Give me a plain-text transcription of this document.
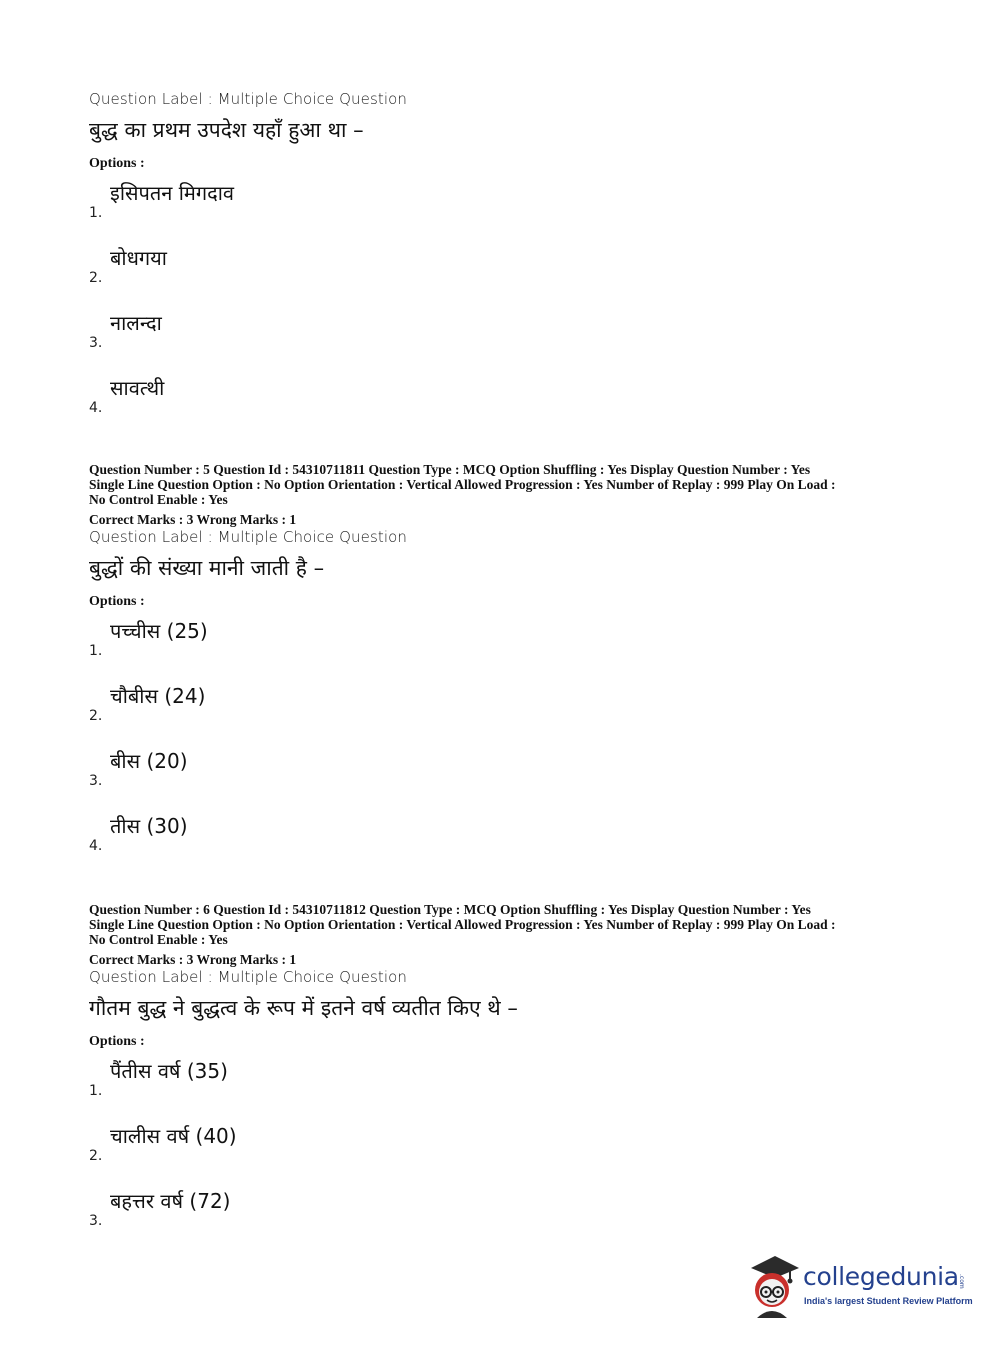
Question Label : Multiple Choice Question
बुद्ध का प्रथम उपदेश यहाँ हुआ था –
Options :
इसिपतन मिगदाव
1.
बोधगया
2.
नालन्दा
3.
सावत्थी
4.
Question Number : 5 Question Id : 54310711811 Question Type : MCQ Option Shuffling : Yes Display Question Number : Yes
Single Line Question Option : No Option Orientation : Vertical Allowed Progression : Yes Number of Replay : 999 Play On Load :
No Control Enable : Yes
Correct Marks : 3 Wrong Marks : 1
Question Label : Multiple Choice Question
बुद्धों की संख्या मानी जाती है –
Options :
पच्चीस (25)
1.
चौबीस (24)
2.
बीस (20)
3.
तीस (30)
4.
Question Number : 6 Question Id : 54310711812 Question Type : MCQ Option Shuffling : Yes Display Question Number : Yes
Single Line Question Option : No Option Orientation : Vertical Allowed Progression : Yes Number of Replay : 999 Play On Load :
No Control Enable : Yes
Correct Marks : 3 Wrong Marks : 1
Question Label : Multiple Choice Question
गौतम बुद्ध ने बुद्धत्व के रूप में इतने वर्ष व्यतीत किए थे –
Options :
पैंतीस वर्ष (35)
1.
चालीस वर्ष (40)
2.
बहत्तर वर्ष (72)
3.
collegedunia .com
India's largest Student Review Platform
